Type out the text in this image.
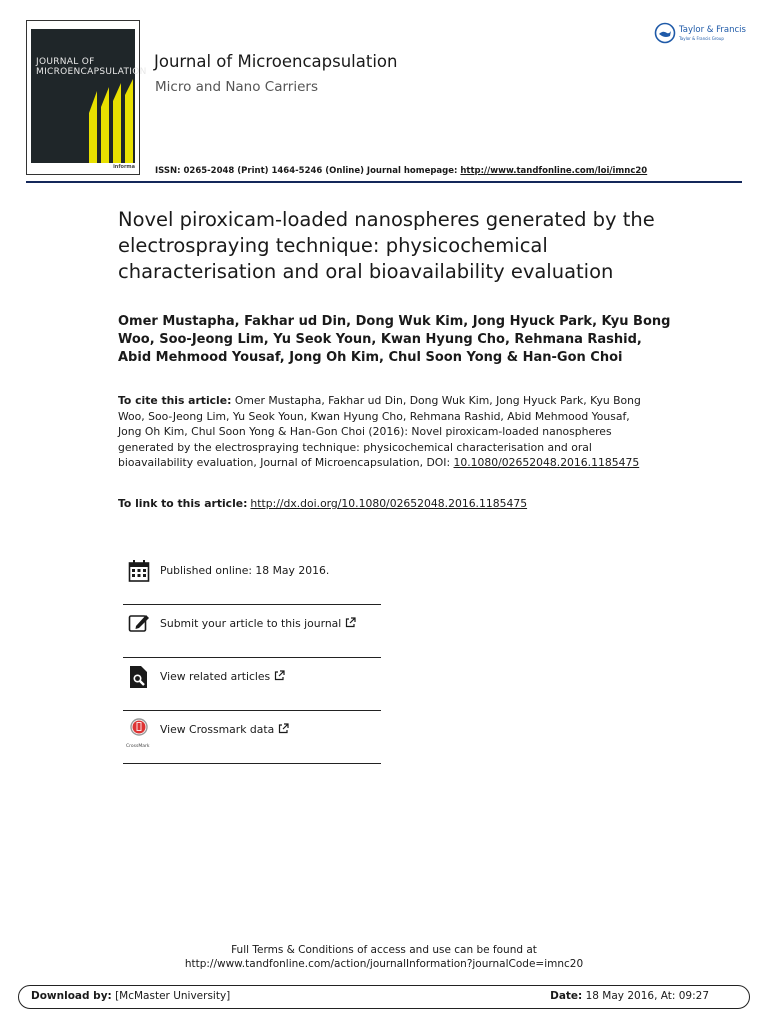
JOURNAL OF
MICROENCAPSULATION
informa
Journal of Microencapsulation
Micro and Nano Carriers
Taylor & Francis
Taylor & Francis Group
ISSN: 0265-2048 (Print) 1464-5246 (Online) Journal homepage: http://www.tandfonline.com/loi/imnc20
Novel piroxicam-loaded nanospheres generated by the electrospraying technique: physicochemical characterisation and oral bioavailability evaluation
Omer Mustapha, Fakhar ud Din, Dong Wuk Kim, Jong Hyuck Park, Kyu Bong Woo, Soo-Jeong Lim, Yu Seok Youn, Kwan Hyung Cho, Rehmana Rashid, Abid Mehmood Yousaf, Jong Oh Kim, Chul Soon Yong & Han-Gon Choi
To cite this article: Omer Mustapha, Fakhar ud Din, Dong Wuk Kim, Jong Hyuck Park, Kyu Bong Woo, Soo-Jeong Lim, Yu Seok Youn, Kwan Hyung Cho, Rehmana Rashid, Abid Mehmood Yousaf, Jong Oh Kim, Chul Soon Yong & Han-Gon Choi (2016): Novel piroxicam-loaded nanospheres generated by the electrospraying technique: physicochemical characterisation and oral bioavailability evaluation, Journal of Microencapsulation, DOI: 10.1080/02652048.2016.1185475
To link to this article: http://dx.doi.org/10.1080/02652048.2016.1185475
Published online: 18 May 2016.
Submit your article to this journal
View related articles
CrossMark
View Crossmark data
Full Terms & Conditions of access and use can be found at
http://www.tandfonline.com/action/journalInformation?journalCode=imnc20
Download by: [McMaster University]	Date: 18 May 2016, At: 09:27
